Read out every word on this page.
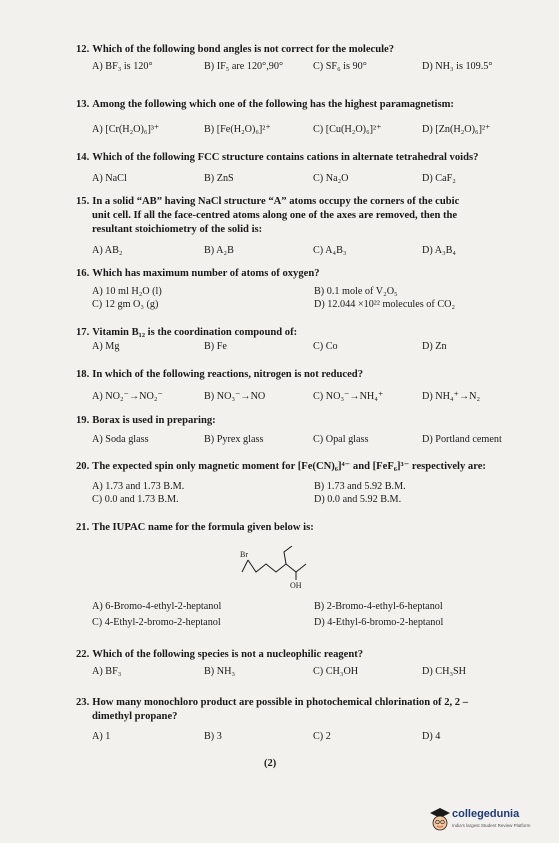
12. Which of the following bond angles is not correct for the molecule?
A) BF₃ is 120°	B) IF₅ are 120°,90°	C) SF₆ is 90°	D) NH₃ is 109.5°
13. Among the following which one of the following has the highest paramagnetism:
A) [Cr(H₂O)₆]³⁺	B) [Fe(H₂O)₆]²⁺	C) [Cu(H₂O)₆]²⁺	D) [Zn(H₂O)₆]²⁺
14. Which of the following FCC structure contains cations in alternate tetrahedral voids?
A) NaCl	B) ZnS	C) Na₂O	D) CaF₂
15. In a solid “AB” having NaCl structure “A” atoms occupy the corners of the cubic
unit cell. If all the face-centred atoms along one of the axes are removed, then the
resultant stoichiometry of the solid is:
A) AB₂	B) A₂B	C) A₄B₃	D) A₃B₄
16. Which has maximum number of atoms of oxygen?
A) 10 ml H₂O (l)	B) 0.1 mole of V₂O₅
C) 12 gm O₃ (g)	D) 12.044 ×10²² molecules of CO₂
17. Vitamin B₁₂ is the coordination compound of:
A) Mg	B) Fe	C) Co	D) Zn
18. In which of the following reactions, nitrogen is not reduced?
A) NO₂⁻→NO₂⁻	B) NO₃⁻→NO	C) NO₃⁻→NH₄⁺	D) NH₄⁺→N₂
19. Borax is used in preparing:
A) Soda glass	B) Pyrex glass	C) Opal glass	D) Portland cement
20. The expected spin only magnetic moment for [Fe(CN)₆]⁴⁻ and [FeF₆]³⁻ respectively are:
A) 1.73 and 1.73 B.M.	B) 1.73 and 5.92 B.M.
C) 0.0 and 1.73 B.M.	D) 0.0 and 5.92 B.M.
21. The IUPAC name for the formula given below is:
Br
OH
A) 6-Bromo-4-ethyl-2-heptanol	B) 2-Bromo-4-ethyl-6-heptanol
C) 4-Ethyl-2-bromo-2-heptanol	D) 4-Ethyl-6-bromo-2-heptanol
22. Which of the following species is not a nucleophilic reagent?
A) BF₃	B) NH₃	C) CH₃OH	D) CH₃SH
23. How many monochloro product are possible in photochemical chlorination of 2, 2 –
dimethyl propane?
A) 1	B) 3	C) 2	D) 4
(2)
collegedunia
India's largest Student Review Platform
